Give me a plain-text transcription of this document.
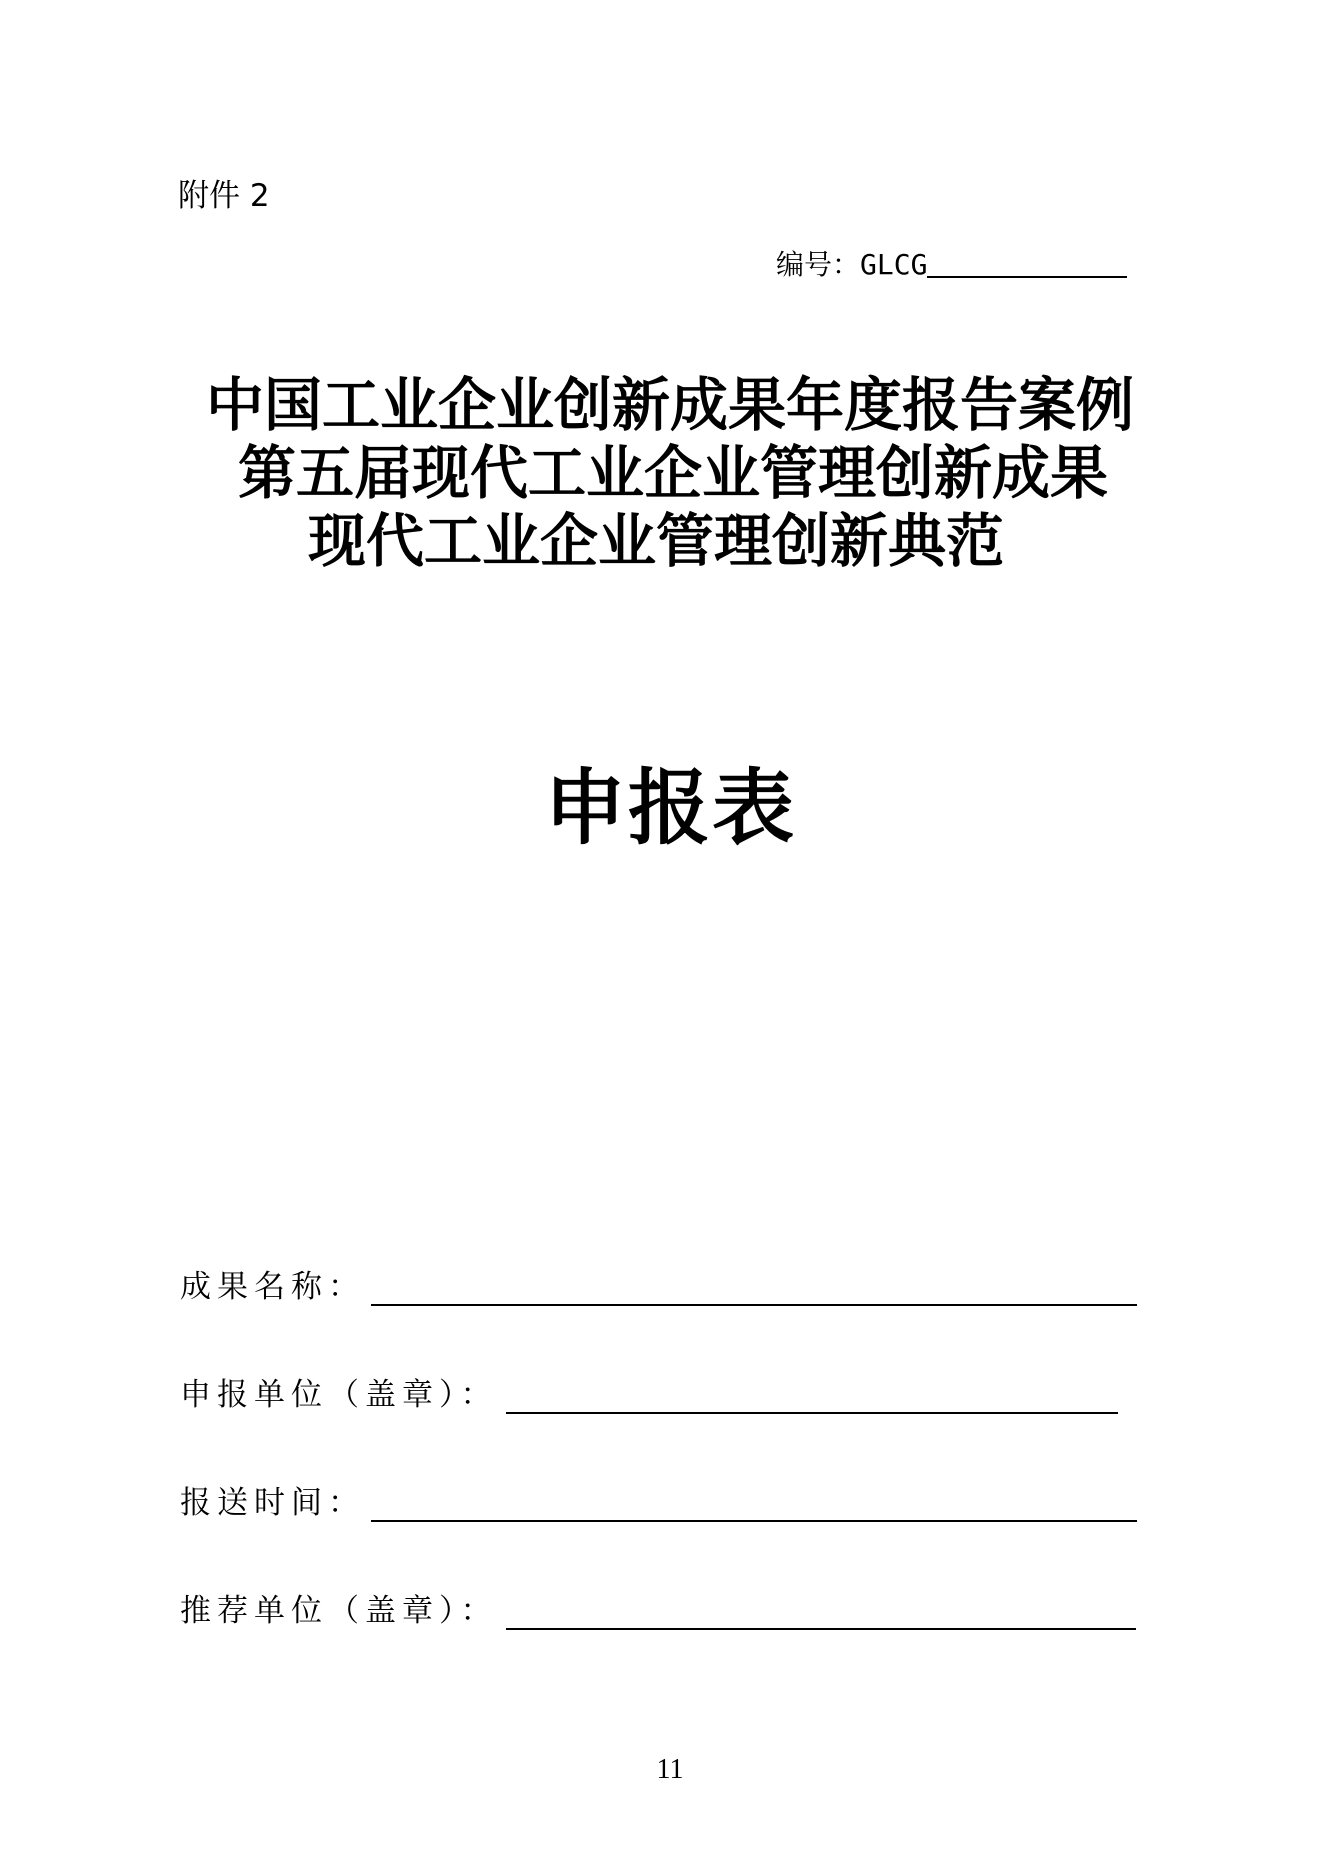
附件 2
编号： GLCG
中国工业企业创新成果年度报告案例
第五届现代工业企业管理创新成果
现代工业企业管理创新典范
申报表
成果名称：
申报单位（盖章）：
报送时间：
推荐单位（盖章）：
11
